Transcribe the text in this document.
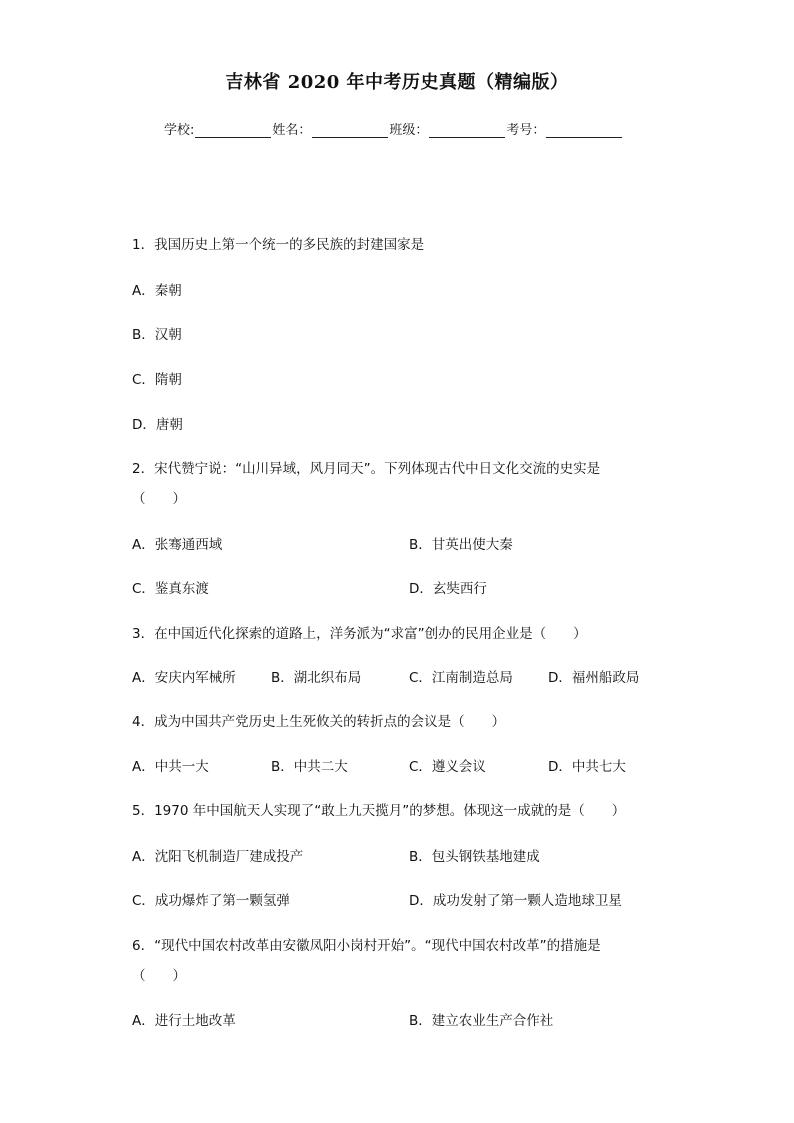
吉林省 2020 年中考历史真题（精编版）
学校:	姓名：	班级：	考号：
1．我国历史上第一个统一的多民族的封建国家是
A．秦朝
B．汉朝
C．隋朝
D．唐朝
2．宋代赞宁说：“山川异域，风月同天”。下列体现古代中日文化交流的史实是
（　　）
A．张骞通西域	B．甘英出使大秦
C．鉴真东渡	D．玄奘西行
3．在中国近代化探索的道路上，洋务派为“求富”创办的民用企业是（　　）
A．安庆内军械所	B．湖北织布局	C．江南制造总局	D．福州船政局
4．成为中国共产党历史上生死攸关的转折点的会议是（　　）
A．中共一大	B．中共二大	C．遵义会议	D．中共七大
5．1970 年中国航天人实现了“敢上九天揽月”的梦想。体现这一成就的是（　　）
A．沈阳飞机制造厂建成投产	B．包头钢铁基地建成
C．成功爆炸了第一颗氢弹	D．成功发射了第一颗人造地球卫星
6．“现代中国农村改革由安徽凤阳小岗村开始”。“现代中国农村改革”的措施是
（　　）
A．进行土地改革	B．建立农业生产合作社
